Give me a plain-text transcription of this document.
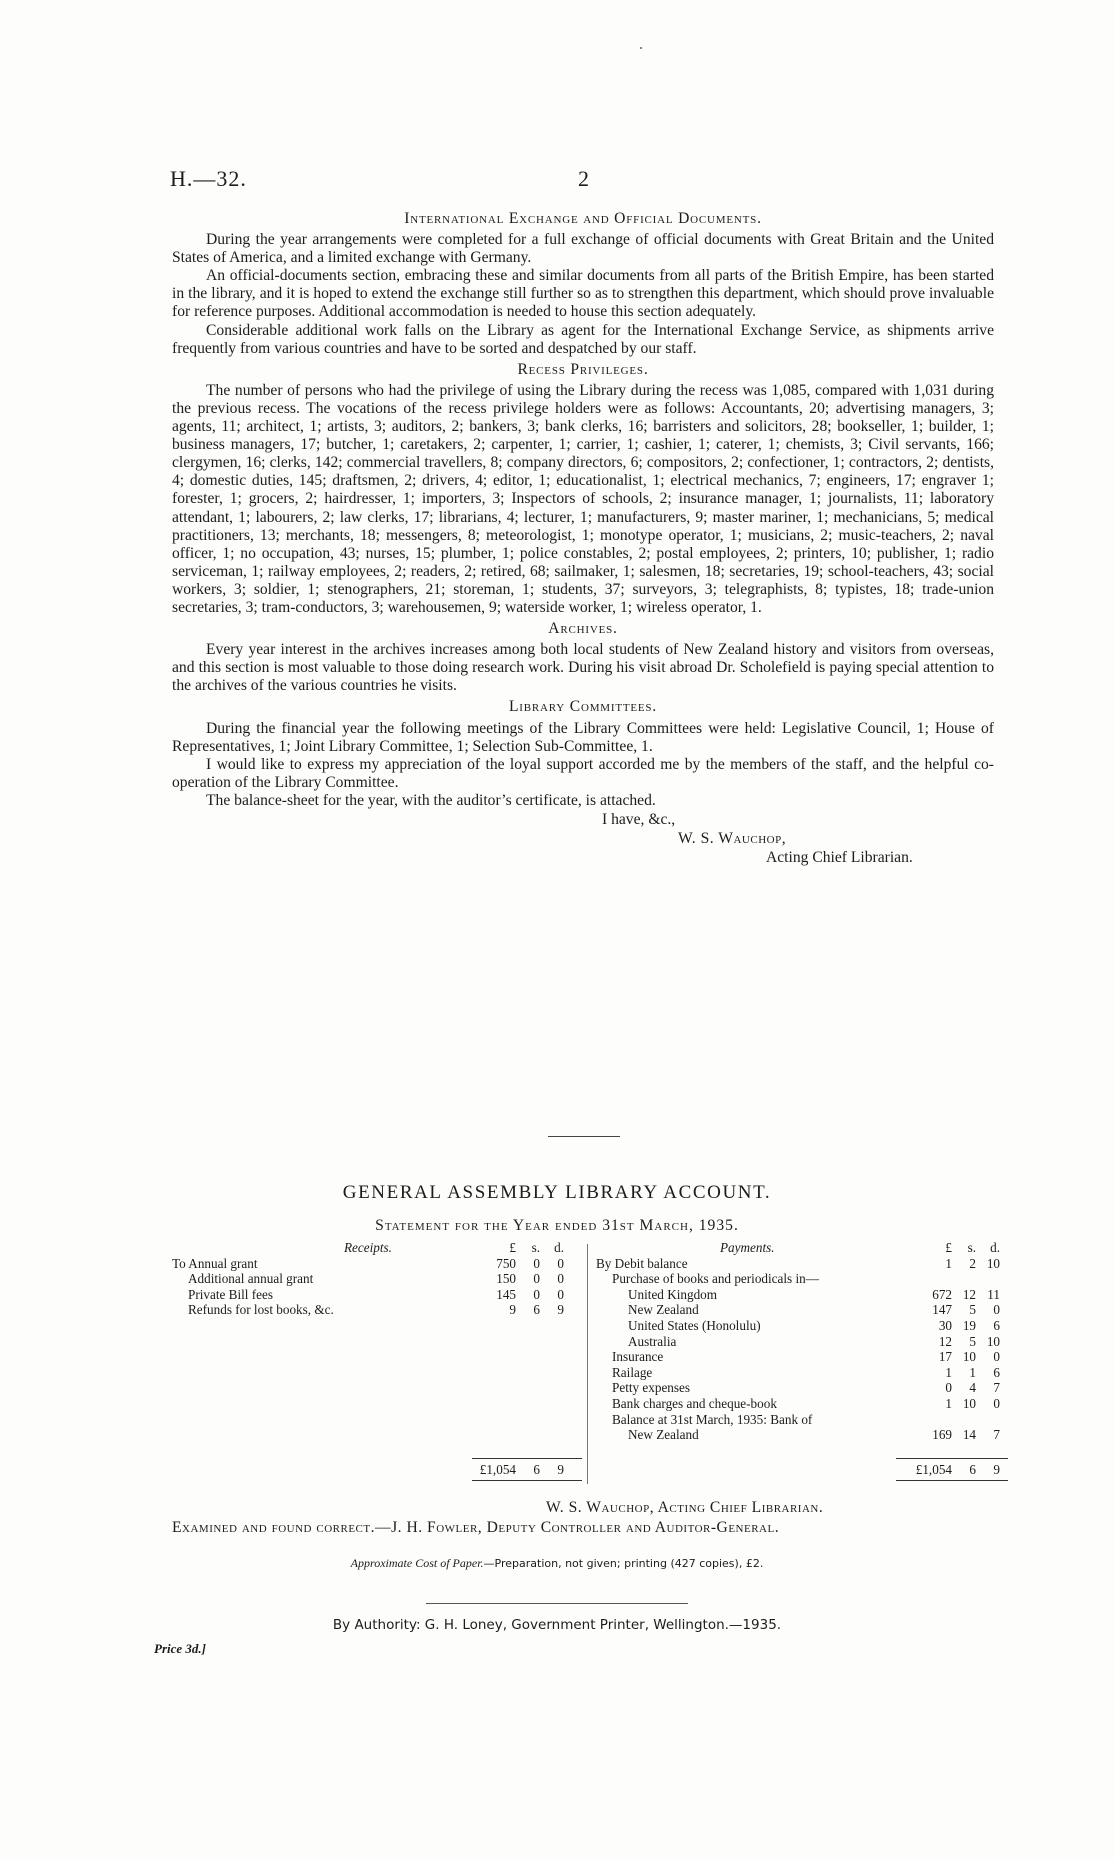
H.—32.	2
International Exchange and Official Documents.

During the year arrangements were completed for a full exchange of official documents with Great Britain and the United States of America, and a limited exchange with Germany.

An official-documents section, embracing these and similar documents from all parts of the British Empire, has been started in the library, and it is hoped to extend the exchange still further so as to strengthen this department, which should prove invaluable for reference purposes. Additional accommodation is needed to house this section adequately.

Considerable additional work falls on the Library as agent for the International Exchange Service, as shipments arrive frequently from various countries and have to be sorted and despatched by our staff.

Recess Privileges.

The number of persons who had the privilege of using the Library during the recess was 1,085, compared with 1,031 during the previous recess. The vocations of the recess privilege holders were as follows: Accountants, 20; advertising managers, 3; agents, 11; architect, 1; artists, 3; auditors, 2; bankers, 3; bank clerks, 16; barristers and solicitors, 28; bookseller, 1; builder, 1; business managers, 17; butcher, 1; caretakers, 2; carpenter, 1; carrier, 1; cashier, 1; caterer, 1; chemists, 3; Civil servants, 166; clergymen, 16; clerks, 142; commercial travellers, 8; company directors, 6; compositors, 2; confectioner, 1; contractors, 2; dentists, 4; domestic duties, 145; draftsmen, 2; drivers, 4; editor, 1; educationalist, 1; electrical mechanics, 7; engineers, 17; engraver 1; forester, 1; grocers, 2; hairdresser, 1; importers, 3; Inspectors of schools, 2; insurance manager, 1; journalists, 11; laboratory attendant, 1; labourers, 2; law clerks, 17; librarians, 4; lecturer, 1; manufacturers, 9; master mariner, 1; mechanicians, 5; medical practitioners, 13; merchants, 18; messengers, 8; meteorologist, 1; monotype operator, 1; musicians, 2; music-teachers, 2; naval officer, 1; no occupation, 43; nurses, 15; plumber, 1; police constables, 2; postal employees, 2; printers, 10; publisher, 1; radio serviceman, 1; railway employees, 2; readers, 2; retired, 68; sailmaker, 1; salesmen, 18; secretaries, 19; school-teachers, 43; social workers, 3; soldier, 1; stenographers, 21; storeman, 1; students, 37; surveyors, 3; telegraphists, 8; typistes, 18; trade-union secretaries, 3; tram-conductors, 3; warehousemen, 9; waterside worker, 1; wireless operator, 1.

Archives.

Every year interest in the archives increases among both local students of New Zealand history and visitors from overseas, and this section is most valuable to those doing research work. During his visit abroad Dr. Scholefield is paying special attention to the archives of the various countries he visits.

Library Committees.

During the financial year the following meetings of the Library Committees were held: Legislative Council, 1; House of Representatives, 1; Joint Library Committee, 1; Selection Sub-Committee, 1.

I would like to express my appreciation of the loyal support accorded me by the members of the staff, and the helpful co-operation of the Library Committee.

The balance-sheet for the year, with the auditor’s certificate, is attached.

I have, &c.,
W. S. Wauchop,
Acting Chief Librarian.
GENERAL ASSEMBLY LIBRARY ACCOUNT.
Statement for the Year ended 31st March, 1935.
Receipts.	£ s. d.
To Annual grant	750 0 0
Additional annual grant	150 0 0
Private Bill fees	145 0 0
Refunds for lost books, &c.	9 6 9
£1,054 6 9
Payments.	£ s. d.
By Debit balance	1 2 10
Purchase of books and periodicals in—
United Kingdom	672 12 11
New Zealand	147 5 0
United States (Honolulu)	30 19 6
Australia	12 5 10
Insurance	17 10 0
Railage	1 1 6
Petty expenses	0 4 7
Bank charges and cheque-book	1 10 0
Balance at 31st March, 1935: Bank of
New Zealand	169 14 7
£1,054 6 9
W. S. Wauchop, Acting Chief Librarian.
Examined and found correct.—J. H. Fowler, Deputy Controller and Auditor-General.
Approximate Cost of Paper.—Preparation, not given; printing (427 copies), £2.
By Authority: G. H. Loney, Government Printer, Wellington.—1935.
Price 3d.]
